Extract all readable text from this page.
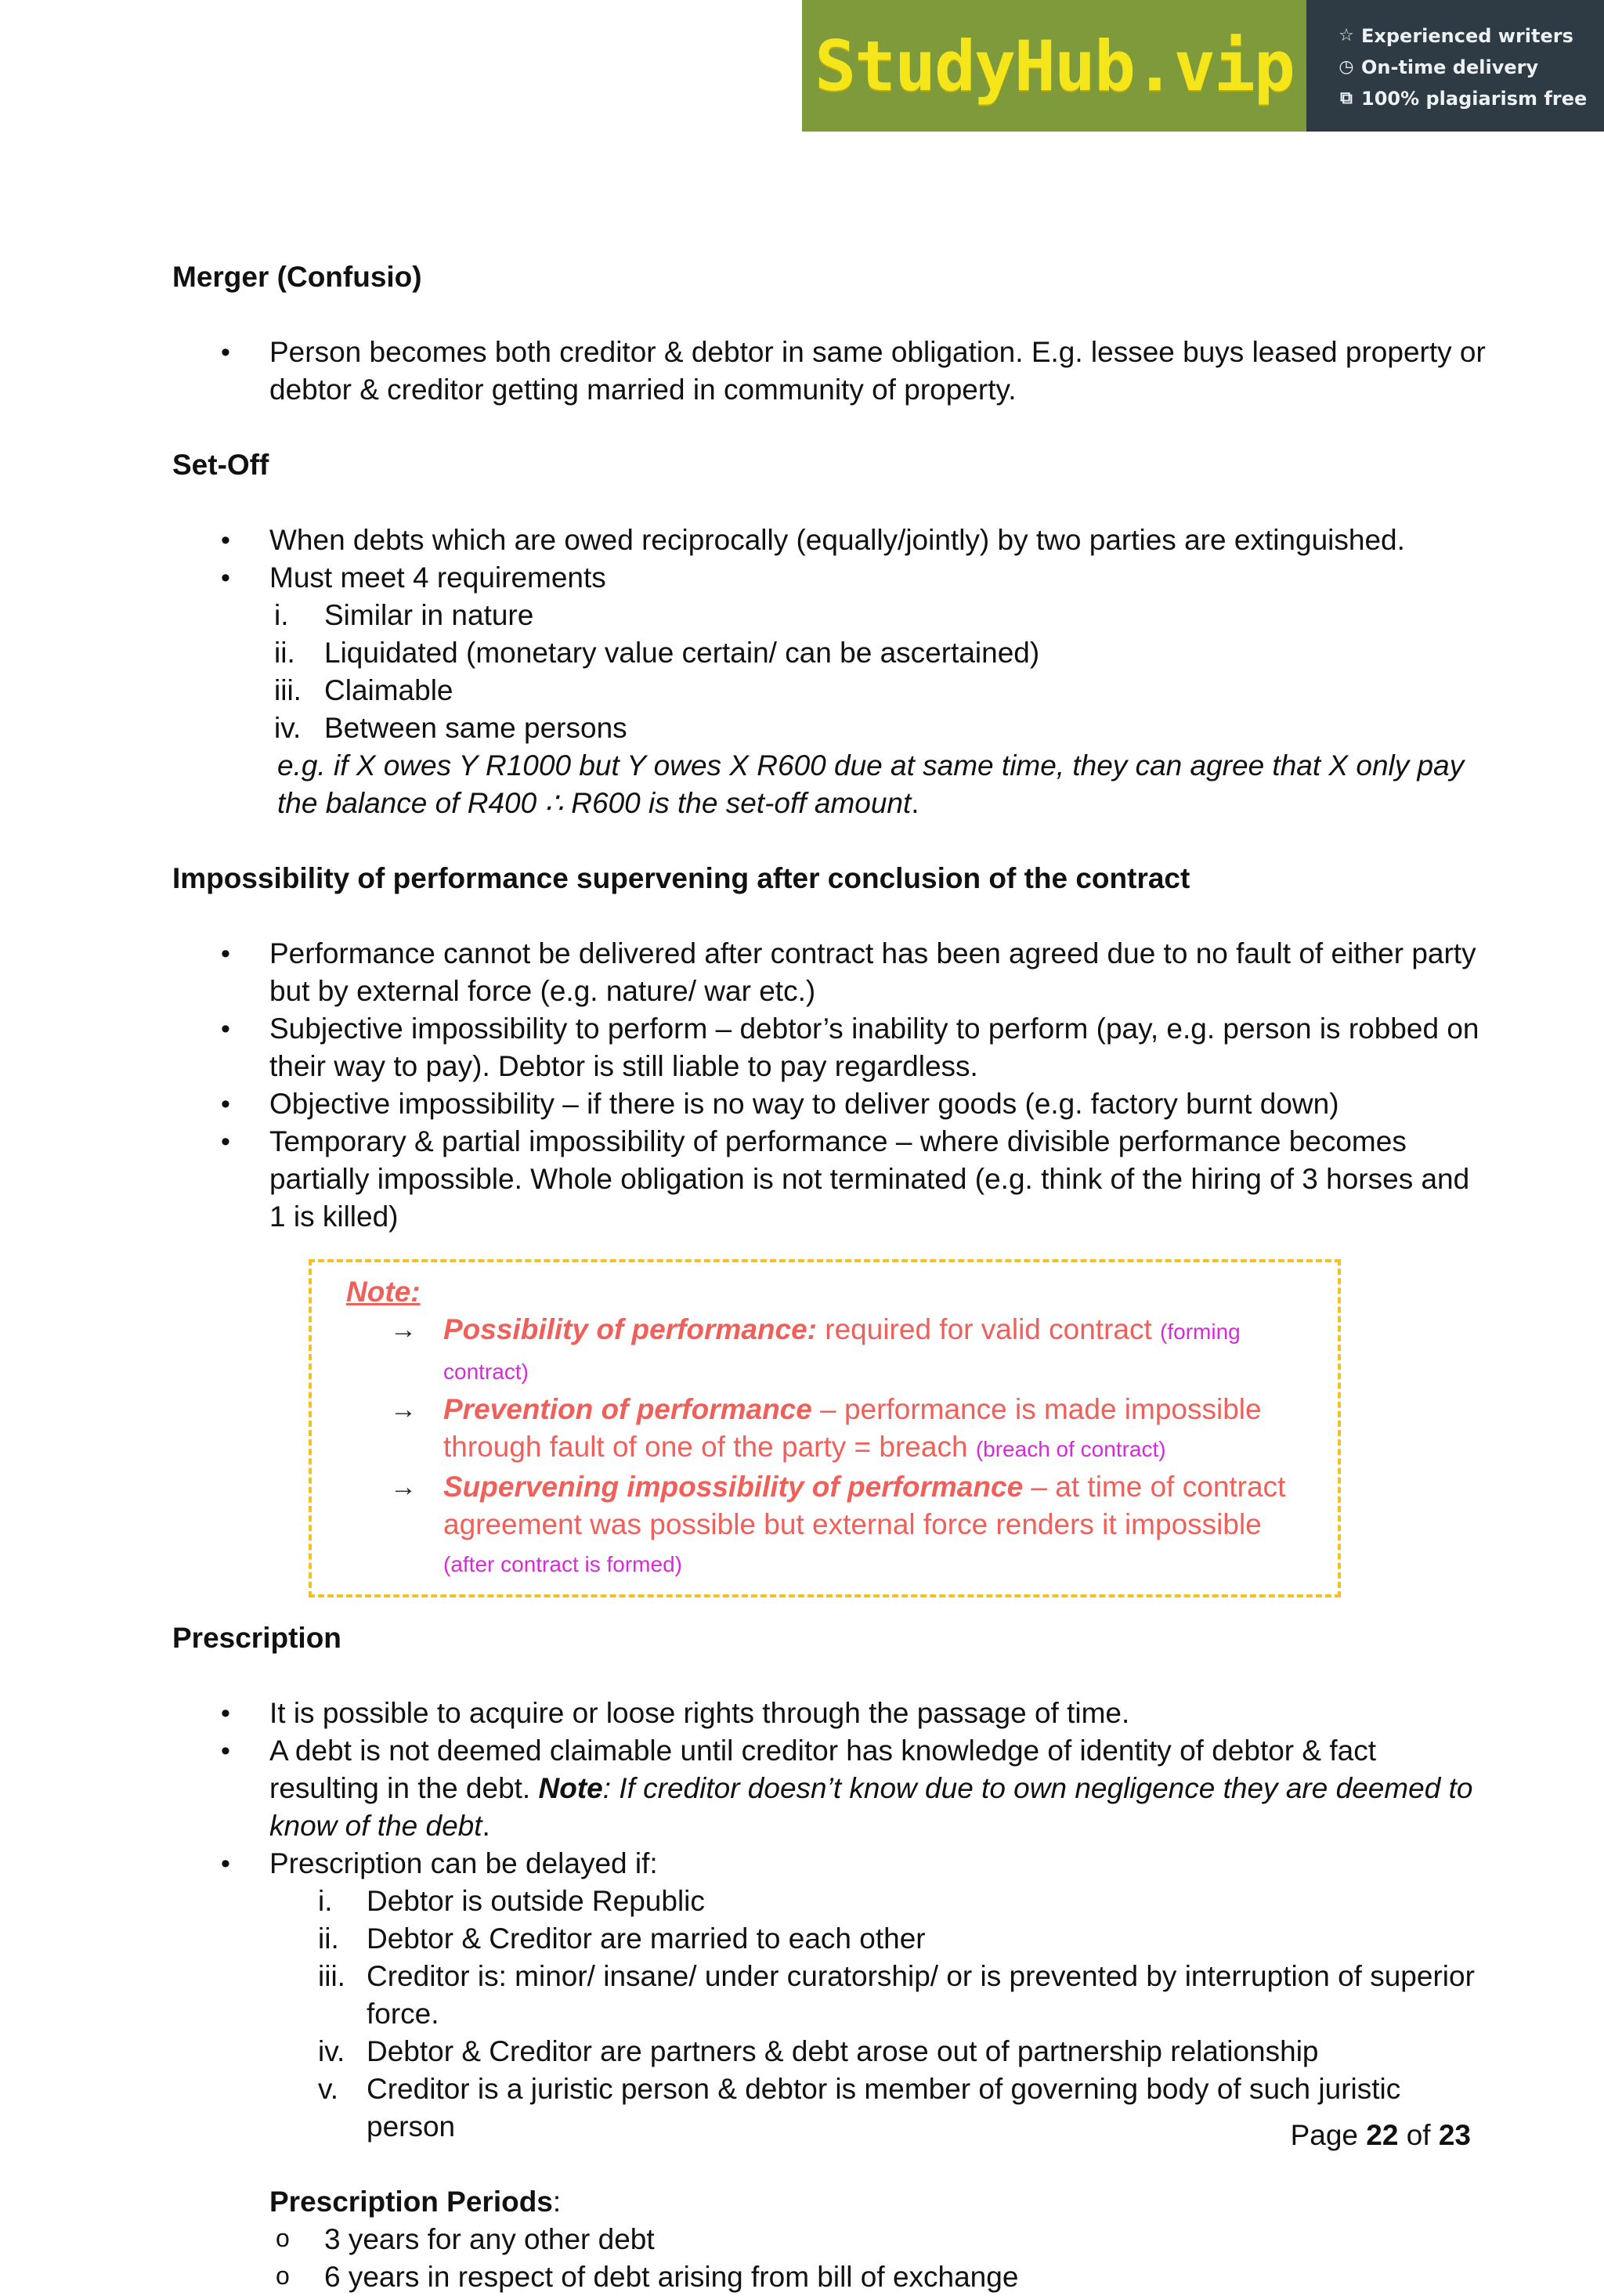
StudyHub.vip	☆ Experienced writers
◷ On-time delivery
⧉ 100% plagiarism free
Merger (Confusio)
• Person becomes both creditor & debtor in same obligation. E.g. lessee buys leased property or debtor & creditor getting married in community of property.
Set-Off
• When debts which are owed reciprocally (equally/jointly) by two parties are extinguished.
• Must meet 4 requirements
i.	Similar in nature
ii.	Liquidated (monetary value certain/ can be ascertained)
iii. Claimable
iv. Between same persons
e.g. if X owes Y R1000 but Y owes X R600 due at same time, they can agree that X only pay the balance of R400 ∴ R600 is the set-off amount.
Impossibility of performance supervening after conclusion of the contract
• Performance cannot be delivered after contract has been agreed due to no fault of either party but by external force (e.g. nature/ war etc.)
• Subjective impossibility to perform – debtor’s inability to perform (pay, e.g. person is robbed on their way to pay). Debtor is still liable to pay regardless.
• Objective impossibility – if there is no way to deliver goods (e.g. factory burnt down)
• Temporary & partial impossibility of performance – where divisible performance becomes partially impossible. Whole obligation is not terminated (e.g. think of the hiring of 3 horses and 1 is killed)
Note:
→ Possibility of performance: required for valid contract (forming contract)
→ Prevention of performance – performance is made impossible through fault of one of the party = breach (breach of contract)
→ Supervening impossibility of performance – at time of contract agreement was possible but external force renders it impossible (after contract is formed)
Prescription
• It is possible to acquire or loose rights through the passage of time.
• A debt is not deemed claimable until creditor has knowledge of identity of debtor & fact resulting in the debt. Note: If creditor doesn’t know due to own negligence they are deemed to know of the debt.
• Prescription can be delayed if:
i.	Debtor is outside Republic
ii. Debtor & Creditor are married to each other
iii. Creditor is: minor/ insane/ under curatorship/ or is prevented by interruption of superior force.
iv. Debtor & Creditor are partners & debt arose out of partnership relationship
v. Creditor is a juristic person & debtor is member of governing body of such juristic person
Prescription Periods:
o 3 years for any other debt
o 6 years in respect of debt arising from bill of exchange
Page 22 of 23
